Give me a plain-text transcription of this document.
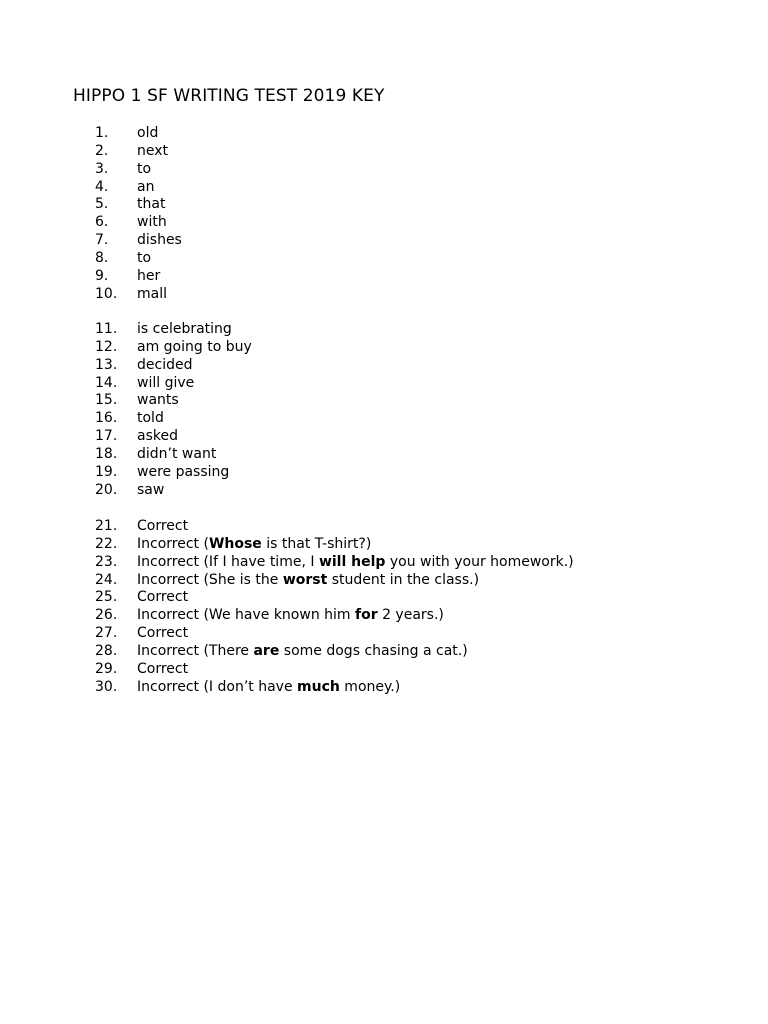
HIPPO 1 SF WRITING TEST 2019 KEY
1. old
2. next
3. to
4. an
5. that
6. with
7. dishes
8. to
9. her
10. mall
11. is celebrating
12. am going to buy
13. decided
14. will give
15. wants
16. told
17. asked
18. didn’t want
19. were passing
20. saw
21. Correct
22. Incorrect (Whose is that T-shirt?)
23. Incorrect (If I have time, I will help you with your homework.)
24. Incorrect (She is the worst student in the class.)
25. Correct
26. Incorrect (We have known him for 2 years.)
27. Correct
28. Incorrect (There are some dogs chasing a cat.)
29. Correct
30. Incorrect (I don’t have much money.)
